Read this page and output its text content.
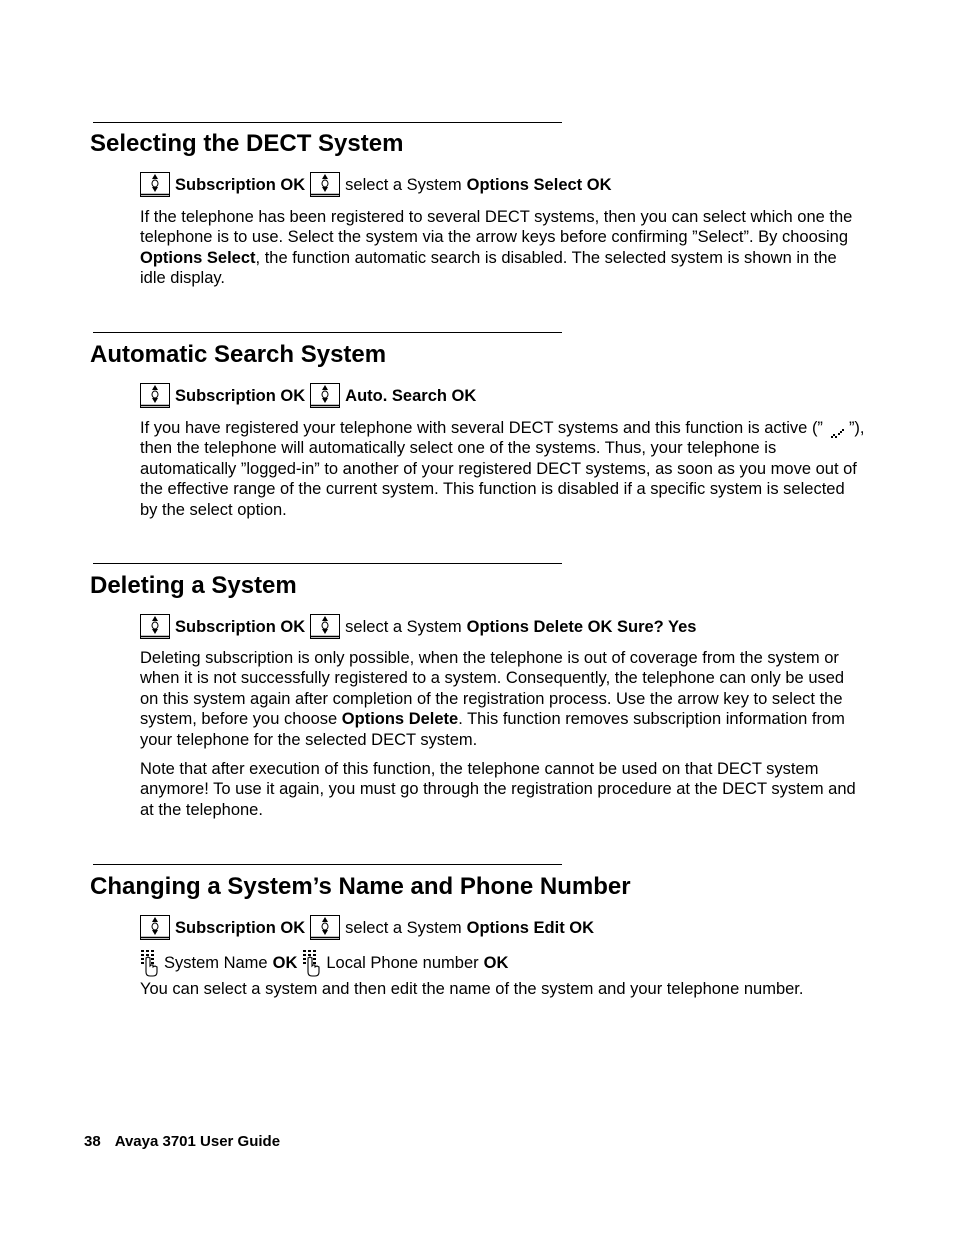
Selecting the DECT System
Subscription OK select a System Options Select OK

If the telephone has been registered to several DECT systems, then you can select which one the telephone is to use. Select the system via the arrow keys before confirming ”Select”. By choosing Options Select, the function automatic search is disabled. The selected system is shown in the idle display.

Automatic Search System
Subscription OK Auto. Search OK

If you have registered your telephone with several DECT systems and this function is active (” ”), then the telephone will automatically select one of the systems. Thus, your telephone is automatically ”logged-in” to another of your registered DECT systems, as soon as you move out of the effective range of the current system. This function is disabled if a specific system is selected by the select option.

Deleting a System
Subscription OK select a System Options Delete OK Sure? Yes

Deleting subscription is only possible, when the telephone is out of coverage from the system or when it is not successfully registered to a system. Consequently, the telephone can only be used on this system again after completion of the registration process. Use the arrow key to select the system, before you choose Options Delete. This function removes subscription information from your telephone for the selected DECT system.

Note that after execution of this function, the telephone cannot be used on that DECT system anymore! To use it again, you must go through the registration procedure at the DECT system and at the telephone.

Changing a System’s Name and Phone Number
Subscription OK select a System Options Edit OK
System Name OK Local Phone number OK

You can select a system and then edit the name of the system and your telephone number.

38 Avaya 3701 User Guide
